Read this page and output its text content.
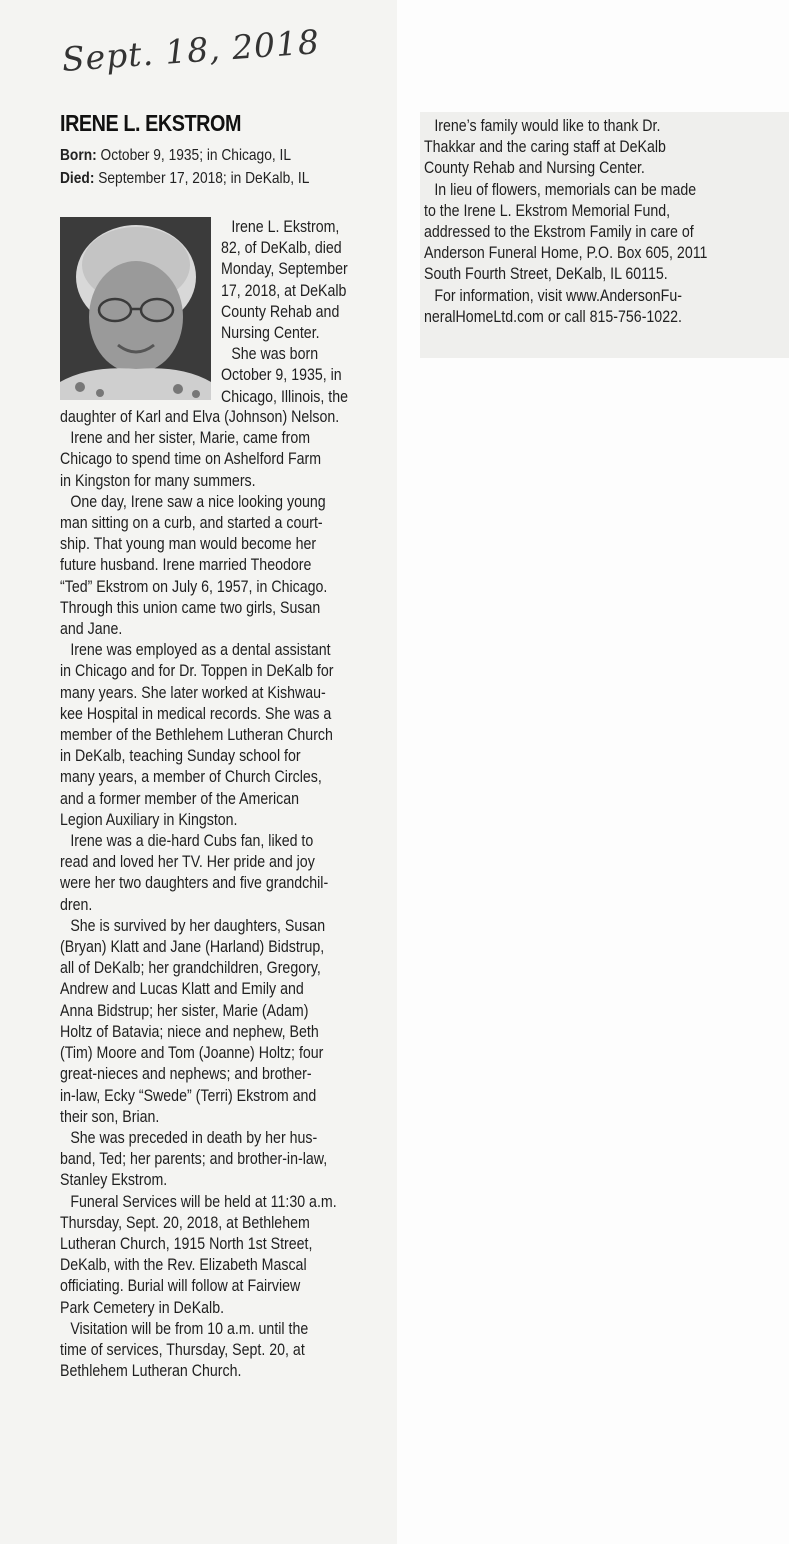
Sept. 18, 2018
IRENE L. EKSTROM
Born: October 9, 1935; in Chicago, IL
Died: September 17, 2018; in DeKalb, IL
Irene L. Ekstrom,
82, of DeKalb, died
Monday, September
17, 2018, at DeKalb
County Rehab and
Nursing Center.
She was born
October 9, 1935, in
Chicago, Illinois, the
daughter of Karl and Elva (Johnson) Nelson.
Irene and her sister, Marie, came from
Chicago to spend time on Ashelford Farm
in Kingston for many summers.
One day, Irene saw a nice looking young
man sitting on a curb, and started a court-
ship. That young man would become her
future husband. Irene married Theodore
“Ted” Ekstrom on July 6, 1957, in Chicago.
Through this union came two girls, Susan
and Jane.
Irene was employed as a dental assistant
in Chicago and for Dr. Toppen in DeKalb for
many years. She later worked at Kishwau-
kee Hospital in medical records. She was a
member of the Bethlehem Lutheran Church
in DeKalb, teaching Sunday school for
many years, a member of Church Circles,
and a former member of the American
Legion Auxiliary in Kingston.
Irene was a die-hard Cubs fan, liked to
read and loved her TV. Her pride and joy
were her two daughters and five grandchil-
dren.
She is survived by her daughters, Susan
(Bryan) Klatt and Jane (Harland) Bidstrup,
all of DeKalb; her grandchildren, Gregory,
Andrew and Lucas Klatt and Emily and
Anna Bidstrup; her sister, Marie (Adam)
Holtz of Batavia; niece and nephew, Beth
(Tim) Moore and Tom (Joanne) Holtz; four
great-nieces and nephews; and brother-
in-law, Ecky “Swede” (Terri) Ekstrom and
their son, Brian.
She was preceded in death by her hus-
band, Ted; her parents; and brother-in-law,
Stanley Ekstrom.
Funeral Services will be held at 11:30 a.m.
Thursday, Sept. 20, 2018, at Bethlehem
Lutheran Church, 1915 North 1st Street,
DeKalb, with the Rev. Elizabeth Mascal
officiating. Burial will follow at Fairview
Park Cemetery in DeKalb.
Visitation will be from 10 a.m. until the
time of services, Thursday, Sept. 20, at
Bethlehem Lutheran Church.
Irene’s family would like to thank Dr.
Thakkar and the caring staff at DeKalb
County Rehab and Nursing Center.
In lieu of flowers, memorials can be made
to the Irene L. Ekstrom Memorial Fund,
addressed to the Ekstrom Family in care of
Anderson Funeral Home, P.O. Box 605, 2011
South Fourth Street, DeKalb, IL 60115.
For information, visit www.AndersonFu-
neralHomeLtd.com or call 815-756-1022.
